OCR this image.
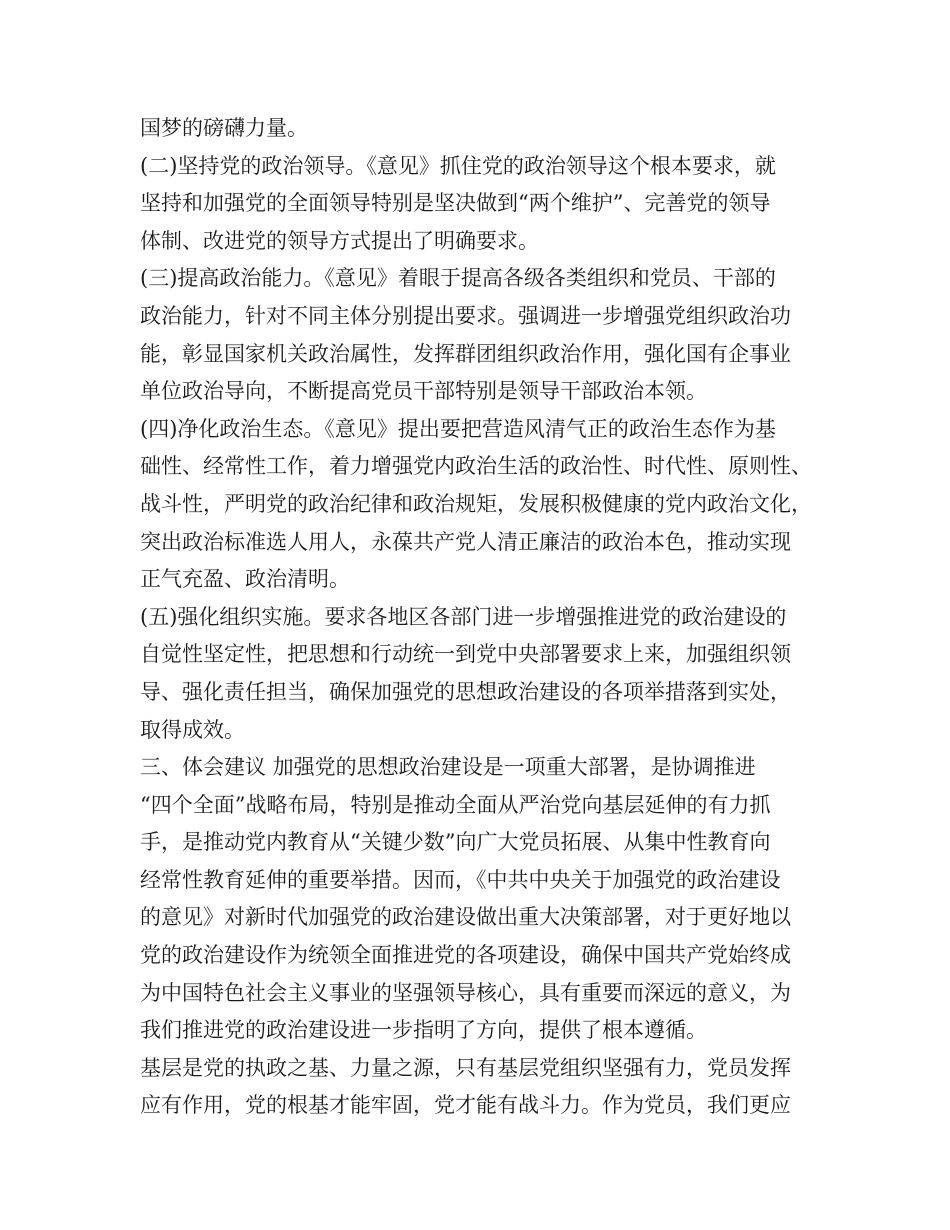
国梦的磅礴力量。
(二)坚持党的政治领导。《意见》抓住党的政治领导这个根本要求，就
坚持和加强党的全面领导特别是坚决做到“两个维护”、完善党的领导
体制、改进党的领导方式提出了明确要求。
(三)提高政治能力。《意见》着眼于提高各级各类组织和党员、干部的
政治能力，针对不同主体分别提出要求。强调进一步增强党组织政治功
能，彰显国家机关政治属性，发挥群团组织政治作用，强化国有企事业
单位政治导向，不断提高党员干部特别是领导干部政治本领。
(四)净化政治生态。《意见》提出要把营造风清气正的政治生态作为基
础性、经常性工作，着力增强党内政治生活的政治性、时代性、原则性、
战斗性，严明党的政治纪律和政治规矩，发展积极健康的党内政治文化，
突出政治标准选人用人，永葆共产党人清正廉洁的政治本色，推动实现
正气充盈、政治清明。
(五)强化组织实施。要求各地区各部门进一步增强推进党的政治建设的
自觉性坚定性，把思想和行动统一到党中央部署要求上来，加强组织领
导、强化责任担当，确保加强党的思想政治建设的各项举措落到实处，
取得成效。
三、体会建议 加强党的思想政治建设是一项重大部署，是协调推进
“四个全面”战略布局，特别是推动全面从严治党向基层延伸的有力抓
手，是推动党内教育从“关键少数”向广大党员拓展、从集中性教育向
经常性教育延伸的重要举措。因而，《中共中央关于加强党的政治建设
的意见》对新时代加强党的政治建设做出重大决策部署，对于更好地以
党的政治建设作为统领全面推进党的各项建设，确保中国共产党始终成
为中国特色社会主义事业的坚强领导核心，具有重要而深远的意义，为
我们推进党的政治建设进一步指明了方向，提供了根本遵循。
基层是党的执政之基、力量之源，只有基层党组织坚强有力，党员发挥
应有作用，党的根基才能牢固，党才能有战斗力。作为党员，我们更应
